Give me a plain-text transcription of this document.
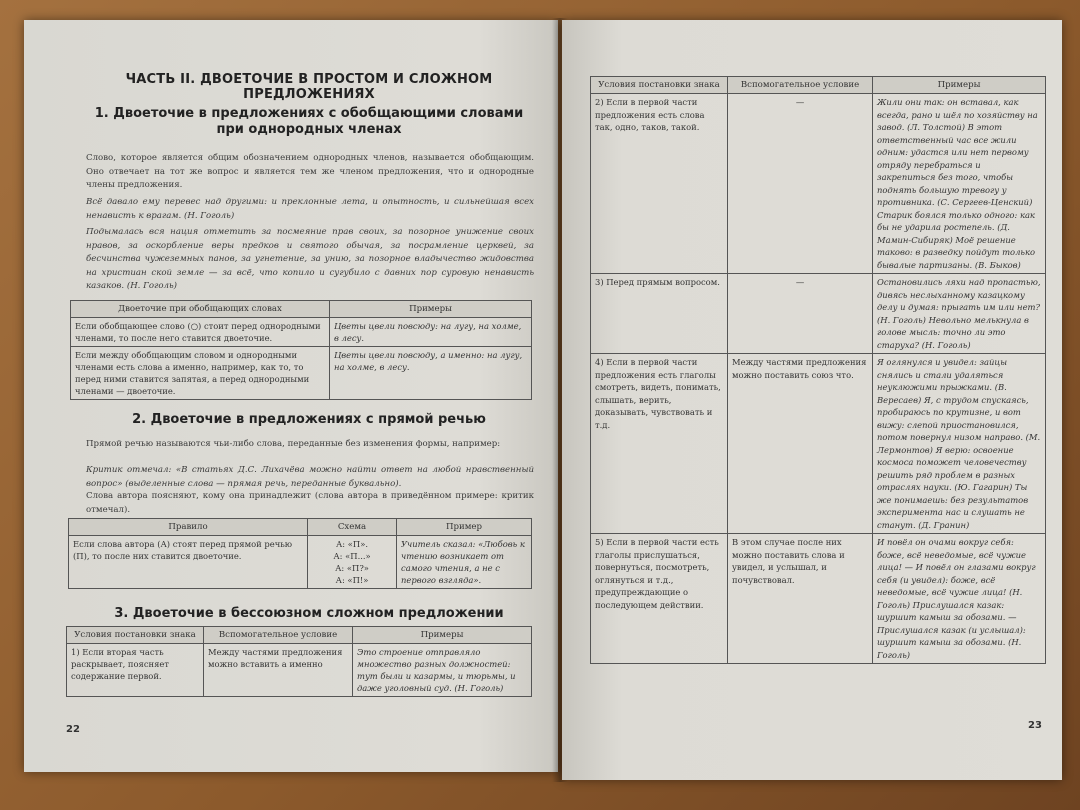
ЧАСТЬ II. ДВОЕТОЧИЕ В ПРОСТОМ И СЛОЖНОМ ПРЕДЛОЖЕНИЯХ
1. Двоеточие в предложениях с обобщающими словами
при однородных членах
Слово, которое является общим обозначением однородных членов, называется обобщающим. Оно отвечает на тот же вопрос и является тем же членом предложения, что и однородные члены предложения.
Всё давало ему перевес над другими: и преклонные лета, и опытность, и сильнейшая всех ненависть к врагам. (Н. Гоголь)
Подымалась вся нация отметить за посмеяние прав своих, за позорное унижение своих нравов, за оскорбление веры предков и святого обычая, за посрамление церквей, за бесчинства чужеземных панов, за угнетение, за унию, за позорное владычество жидовства на христиан ской земле — за всё, что копило и сугубило с давних пор суровую ненависть казаков. (Н. Гоголь)
Двоеточие при обобщающих словах	Примеры
Если обобщающее слово (○) стоит перед однородными членами, то после него ставится двоеточие.	Цветы цвели повсюду: на лугу, на холме, в лесу.
Если между обобщающим словом и однородными членами есть слова а именно, например, как то, то перед ними ставится запятая, а перед однородными членами — двоеточие.	Цветы цвели повсюду, а именно: на лугу, на холме, в лесу.
2. Двоеточие в предложениях с прямой речью
Прямой речью называются чьи-либо слова, переданные без изменения формы, например:
Критик отмечал: «В статьях Д.С. Лихачёва можно найти ответ на любой нравственный вопрос» (выделенные слова — прямая речь, переданные буквально).
Слова автора поясняют, кому она принадлежит (слова автора в приведённом примере: критик отмечал).
Правило	Схема	Пример
Если слова автора (А) стоят перед прямой речью (П), то после них ставится двоеточие.	А: «П».
А: «П...»
А: «П?»
А: «П!»	Учитель сказал: «Любовь к чтению возникает от самого чтения, а не с первого взгляда».
3. Двоеточие в бессоюзном сложном предложении
Условия постановки знака	Вспомогательное условие	Примеры
1) Если вторая часть раскрывает, поясняет содержание первой.	Между частями предложения можно вставить а именно	Это строение отправляло множество разных должностей: тут были и казармы, и тюрьмы, и даже уголовный суд. (Н. Гоголь)
22
Условия постановки знака	Вспомогательное условие	Примеры
2) Если в первой части предложения есть слова так, одно, таков, такой.	—	Жили они так: он вставал, как всегда, рано и шёл по хозяйству на завод. (Л. Толстой) В этот ответственный час все жили одним: удастся или нет первому отряду перебраться и закрепиться без того, чтобы поднять большую тревогу у противника. (С. Сергеев-Ценский) Старик боялся только одного: как бы не ударила ростепель. (Д. Мамин-Сибиряк) Моё решение таково: в разведку пойдут только бывалые партизаны. (В. Быков)
3) Перед прямым вопросом.	—	Остановились ляхи над пропастью, дивясь неслыханному казацкому делу и думая: прыгать им или нет? (Н. Гоголь) Невольно мелькнула в голове мысль: точно ли это старуха? (Н. Гоголь)
4) Если в первой части предложения есть глаголы смотреть, видеть, понимать, слышать, верить, доказывать, чувствовать и т.д.	Между частями предложения можно поставить союз что.	Я оглянулся и увидел: зайцы снялись и стали удаляться неуклюжими прыжками. (В. Вересаев) Я, с трудом спускаясь, пробираюсь по крутизне, и вот вижу: слепой приостановился, потом повернул низом направо. (М. Лермонтов) Я верю: освоение космоса поможет человечеству решить ряд проблем в разных отраслях науки. (Ю. Гагарин) Ты же понимаешь: без результатов эксперимента нас и слушать не станут. (Д. Гранин)
5) Если в первой части есть глаголы прислушаться, повернуться, посмотреть, оглянуться и т.д., предупреждающие о последующем действии.	В этом случае после них можно поставить слова и увидел, и услышал, и почувствовал.	И повёл он очами вокруг себя: боже, всё неведомые, всё чужие лица! — И повёл он глазами вокруг себя (и увидел): боже, всё неведомые, всё чужие лица! (Н. Гоголь) Прислушался казак: шуршит камыш за обозами. — Прислушался казак (и услышал): шуршит камыш за обозами. (Н. Гоголь)
23
